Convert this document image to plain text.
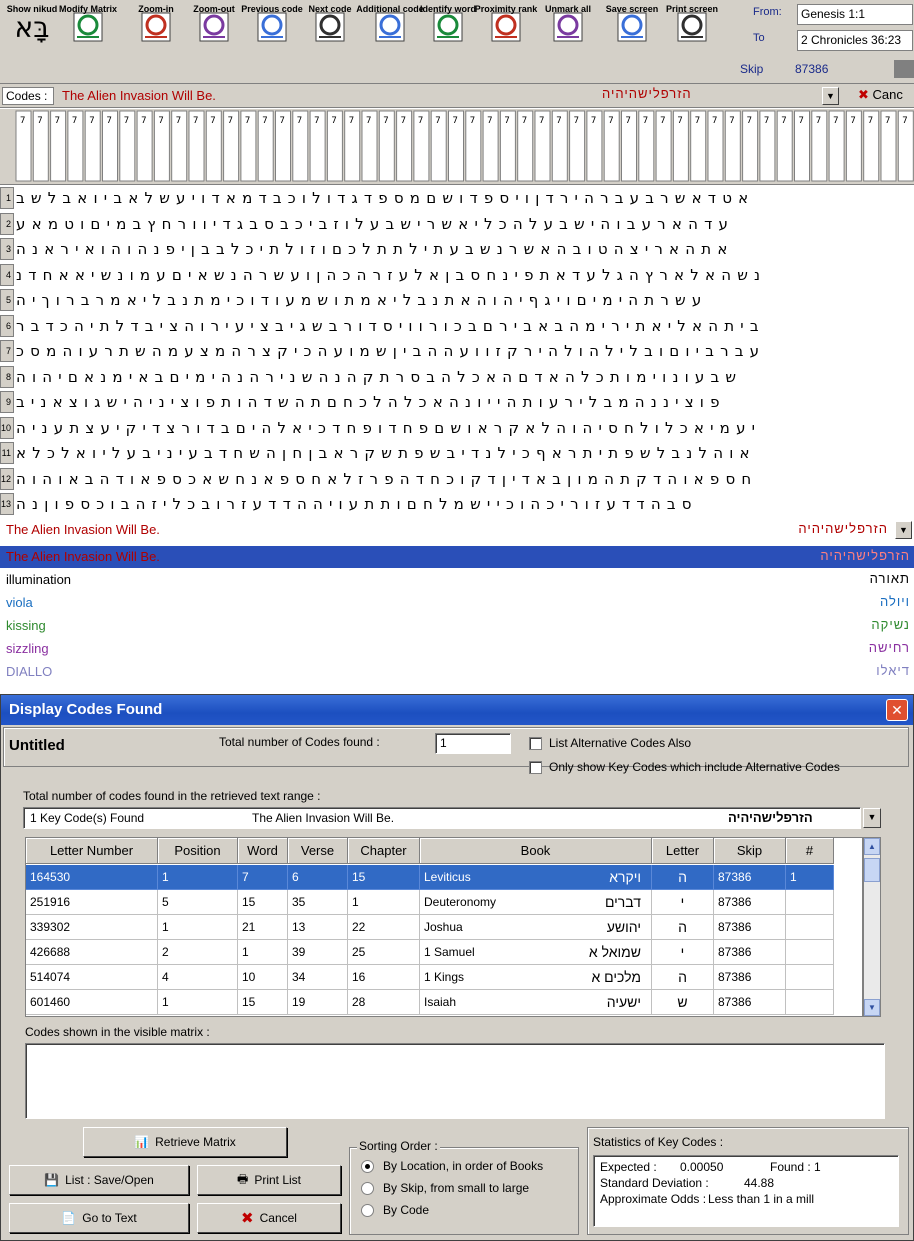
בָּא
Show nikud Modify Matrix Zoom-in Zoom-out Previous code Next code Additional code
Identify word
Proximity rank Unmark all Save screen Print screen	From:	Genesis 1:1
To	2 Chronicles 36:23
Skip	87386
Codes :	The Alien Invasion Will Be.	הזרפלישהיהיה	▼	✖ Canc
7 7 7 7 7 7 7 7 7 7 7 7 7 7 7 7 7 7 7 7 7 7 7 7 7 7 7 7 7 7 7 7 7 7 7 7 7 7 7 7 7 7 7 7 7 7 7 7 7 7 7 7
1 אטדאשרבעברהירדןויספדושםמספדגדולוכבדמאדויעשלאביואבלשב
2 עדהארעבוהישבעלהכליאשרישבעלוזביכבסבגדיוורחץבמיםוטמאע
3 אתהאריצהטובהאשרנשבעתילתתלכםוזולתיכלבבןיפנהוהואיראנה
4 נשהאלארץהגלעדאתפינחסבןאלעזרהכהןועשרהנשאיםעמונשיאאחדנ
5 עשרתהימיםויגףיהוהאתנבליאמתושמעודוכימתנבליאמרברוךיה
6 ביתהאליאתירימהבאבירםבכורוויסדורבשגיבציעירוהציבדלתיהכדבר
7 עברביוםובלילהולהירקזוועההביןשמועהכיקצרהמצעמהשתרעוהמסכ
8 שבעונוימותכלהאדםהאכלהבסרתקהנהשנירהנהימיםבאימנאםיהוה
9 פוציננהמבלירעותהייונהאכלהלכחםתהשדהותפוציניהישגוצאניב
10 יעמיאכלולחסיהוהלאקראושםפחדופחדכיאלהיםבדורצדיקיעצתעניה
11 אוהלנבלשפתיתראףכילנדיבשפתשקראבןחןהשחדבעיניבעליואלכלא
12 חספאוהדקתהמוןבאדיןדקוכחדהפרזלאחספאנחשאכספאודהבאוהוה
13 סבהדדעזוריכהוכיישמלחםותתעויההדדעזרובכליזהבוכספוןנה
The Alien Invasion Will Be.	הזרפלישהיהיה	▼
The Alien Invasion Will Be.	הזרפלישהיהיה
illumination	תאורה
viola	ויולה
kissing	נשיקה
sizzling	רחישה
DIALLO	דיאלו
Display Codes Found	✕
Untitled	Total number of Codes found :	1	List Alternative Codes Also
Only show Key Codes which include Alternative Codes
Total number of codes found in the retrieved text range :
1 Key Code(s) Found	The Alien Invasion Will Be.	הזרפלישהיהיה	▼
Letter Number	Position	Word	Verse	Chapter	Book	Letter	Skip	#
164530	1	7	6	15	Leviticus	ויקרא	ה	87386	1
251916	5	15	35	1	Deuteronomy	דברים	י	87386
339302	1	21	13	22	Joshua	יהושע	ה	87386
426688	2	1	39	25	1 Samuel	שמואל א	י	87386
514074	4	10	34	16	1 Kings	מלכים א	ה	87386
601460	1	15	19	28	Isaiah	ישעיה	ש	87386
▲
▼
Codes shown in the visible matrix :
📊 Retrieve Matrix
💾 List : Save/Open	🖶 Print List
📄 Go to Text	✖ Cancel
Sorting Order :
By Location, in order of Books
By Skip, from small to large
By Code
Statistics of Key Codes :
Expected : 0.00050	Found : 1
Standard Deviation :	44.88
Approximate Odds : Less than 1 in a mill
